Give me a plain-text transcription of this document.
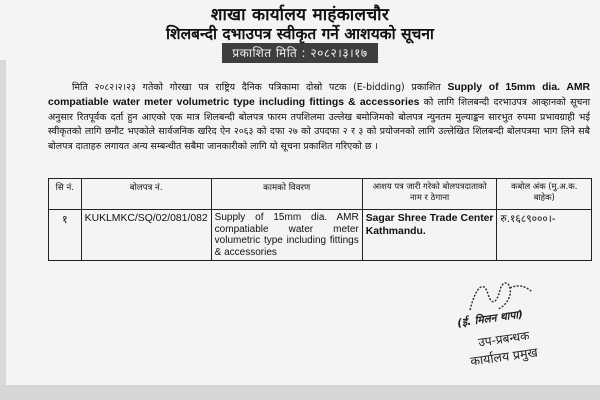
शाखा कार्यालय माहंकालचौर
शिलबन्दी दभाउपत्र स्वीकृत गर्ने आशयको सूचना
प्रकाशित मिति : २०८२।३।१७

मिति २०८२।२।२३ गतेको गोरखा पत्र राष्ट्रिय दैनिक पत्रिकामा दोस्रो पटक (E-bidding) प्रकाशित Supply of 15mm dia. AMR compatiable water meter volumetric type including fittings & accessories को लागि शिलबन्दी दरभाउपत्र आव्हानको सूचना अनुसार रितपूर्वक दर्ता हुन आएको एक मात्र शिलबन्दी बोलपत्र फारम तपशिलमा उल्लेख बमोजिमको बोलपत्र न्युनतम मुल्याङ्कन सारभुत रुपमा प्रभावग्राही भई स्वीकृतको लागि छनौट भएकोले सार्वजनिक खरिद ऐन २०६३ को दफा २७ को उपदफा २ र ३ को प्रयोजनको लागि उल्लेखित शिलबन्दी बोलपत्रमा भाग लिने सबै बोलपत्र दाताहरु लगायत अन्य सम्बन्धीत सबैमा जानकारीको लागि यो सूचना प्रकाशित गरिएको छ ।

सि नं.	बोलपत्र नं.	कामको विवरण	आशय पत्र जारी गरेको बोलपत्रदाताको नाम र ठेगाना	कबोल अंक (मु.अ.क. बाहेक)
१	KUKLMKC/SQ/02/081/082	Supply of 15mm dia. AMR compatiable water meter volumetric type including fittings & accessories	Sagar Shree Trade Center Kathmandu.	रु.१६८९०००।-
(ई. मिलन थापा)
उप-प्रबन्धक
कार्यालय प्रमुख
